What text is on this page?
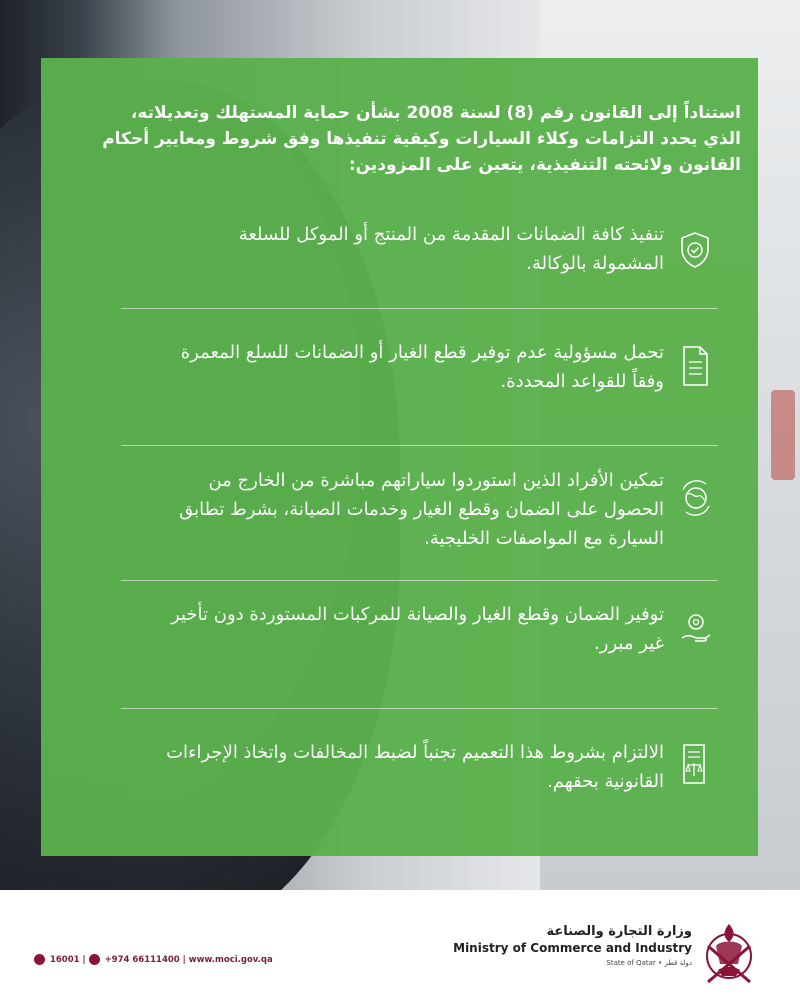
استناداً إلى القانون رقم (8) لسنة 2008 بشأن حماية المستهلك وتعديلاته، الذي يحدد التزامات وكلاء السيارات وكيفية تنفيذها وفق شروط ومعايير أحكام القانون ولائحته التنفيذية، يتعين على المزودين:
تنفيذ كافة الضمانات المقدمة من المنتج أو الموكل للسلعة المشمولة بالوكالة.
تحمل مسؤولية عدم توفير قطع الغيار أو الضمانات للسلع المعمرة وفقاً للقواعد المحددة.
تمكين الأفراد الذين استوردوا سياراتهم مباشرة من الخارج من الحصول على الضمان وقطع الغيار وخدمات الصيانة، بشرط تطابق السيارة مع المواصفات الخليجية.
توفير الضمان وقطع الغيار والصيانة للمركبات المستوردة دون تأخير غير مبرر.
الالتزام بشروط هذا التعميم تجنباً لضبط المخالفات واتخاذ الإجراءات القانونية بحقهم.
16001 |  +974 66111400 | www.moci.gov.qa
وزارة التجارة والصناعة
Ministry of Commerce and Industry
State of Qatar • دولة قطر
